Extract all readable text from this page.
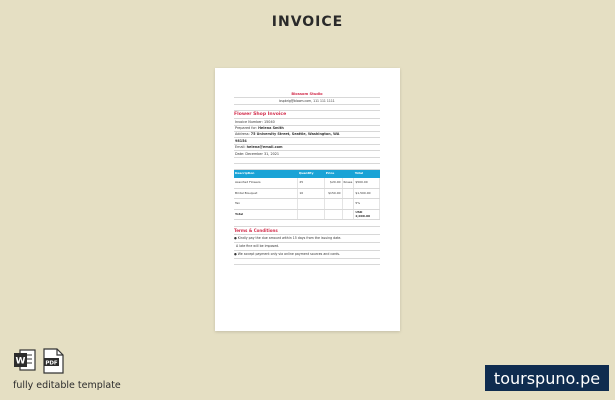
INVOICE
Blossom Studio
bspbrig@bloom.com, 111 111 1111
Flower Shop Invoice
Invoice Number:
15040
Prepared for:
Helena Smith
Address:
75 University Street, Seattle, Washington, WA
98154
Email:
helena@email.com
Date:
December 31, 2021
Description	Quantity	Price		Total
Assorted Flowers	25	$20.00	Roses	$500.00
Bridal Bouquet	10	$150.00		$1,500.00
Tax				5%
Total				USD 2,000.00
Terms & Conditions
● Kindly pay the due amount within 15 days from the issuing date.
A late fine will be imposed.
● We accept payment only via online payment sources and cards.
W	PDF
fully editable template	tourspuno.pe
